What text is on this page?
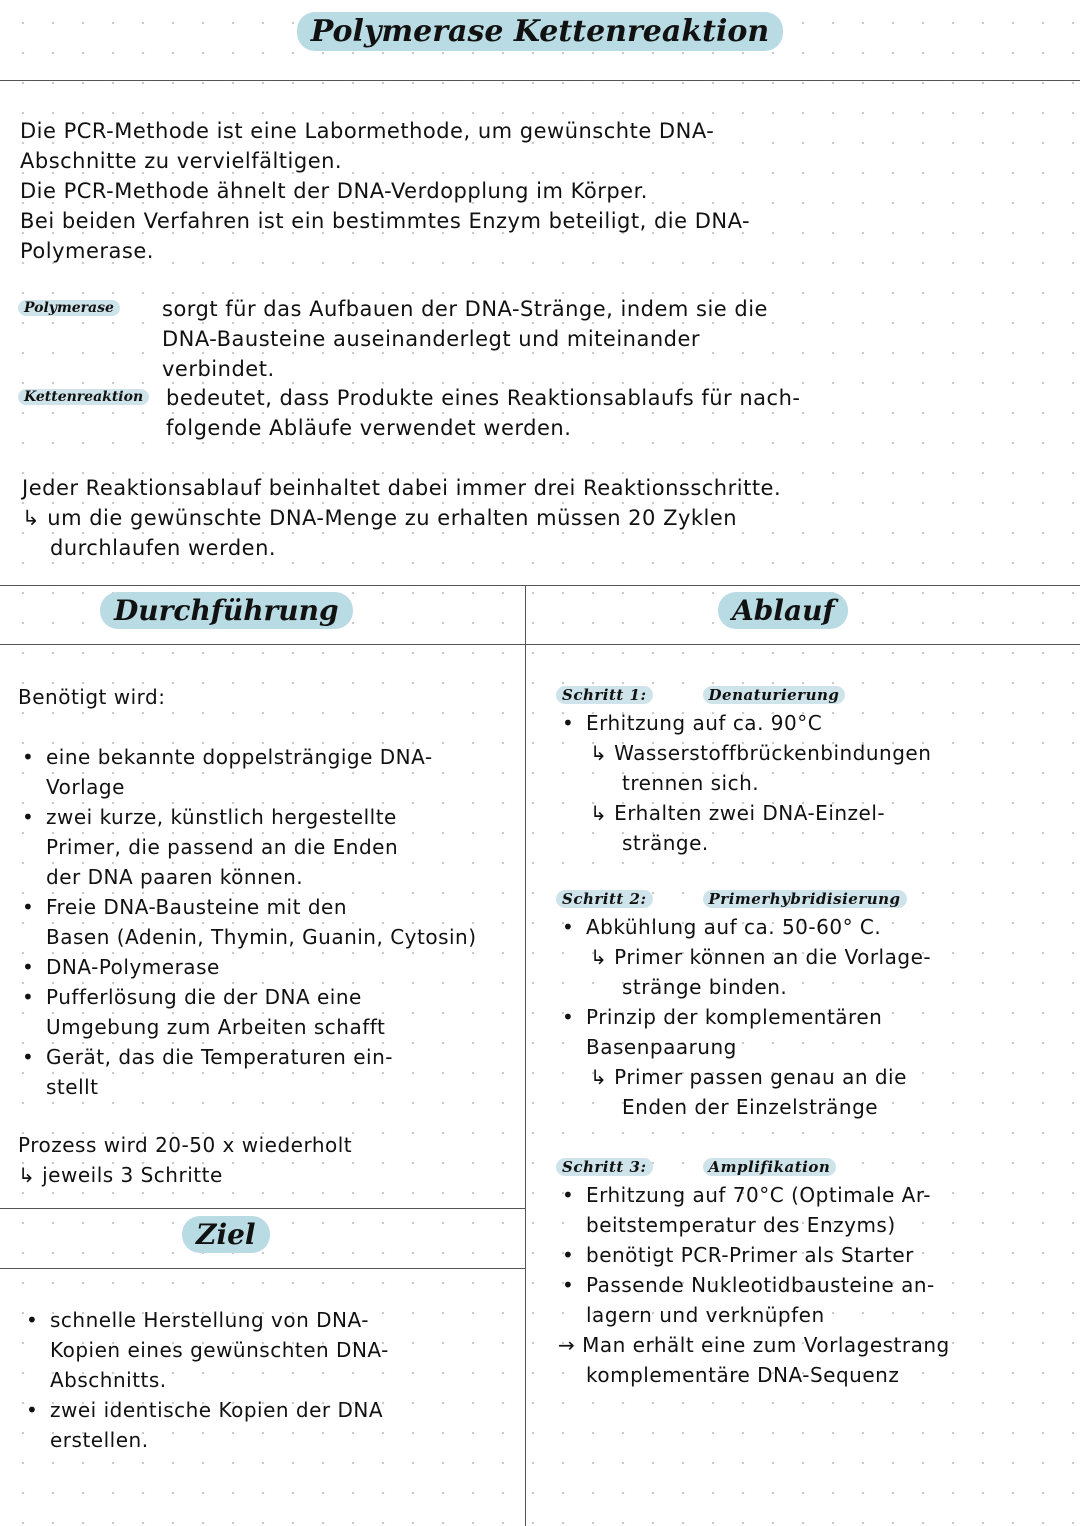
Polymerase Kettenreaktion
Die PCR-Methode ist eine Labormethode, um gewünschte DNA-
Abschnitte zu vervielfältigen.
Die PCR-Methode ähnelt der DNA-Verdopplung im Körper.
Bei beiden Verfahren ist ein bestimmtes Enzym beteiligt, die DNA-
Polymerase.
Polymerase sorgt für das Aufbauen der DNA-Stränge, indem sie die
DNA-Bausteine auseinanderlegt und miteinander
verbindet.
Kettenreaktion bedeutet, dass Produkte eines Reaktionsablaufs für nach-
folgende Abläufe verwendet werden.
Jeder Reaktionsablauf beinhaltet dabei immer drei Reaktionsschritte.
↳ um die gewünschte DNA-Menge zu erhalten müssen 20 Zyklen
durchlaufen werden.
Durchführung	Ablauf
Benötigt wird:
• eine bekannte doppelsträngige DNA-
Vorlage
• zwei kurze, künstlich hergestellte
Primer, die passend an die Enden
der DNA paaren können.
• Freie DNA-Bausteine mit den
Basen (Adenin, Thymin, Guanin, Cytosin)
• DNA-Polymerase
• Pufferlösung die der DNA eine
Umgebung zum Arbeiten schafft
• Gerät, das die Temperaturen ein-
stellt
Prozess wird 20-50 x wiederholt
↳ jeweils 3 Schritte
Ziel
• schnelle Herstellung von DNA-
Kopien eines gewünschten DNA-
Abschnitts.
• zwei identische Kopien der DNA
erstellen.
Schritt 1:	Denaturierung
• Erhitzung auf ca. 90°C
↳ Wasserstoffbrückenbindungen
trennen sich.
↳ Erhalten zwei DNA-Einzel-
stränge.
Schritt 2:	Primerhybridisierung
• Abkühlung auf ca. 50-60° C.
↳ Primer können an die Vorlage-
stränge binden.
• Prinzip der komplementären
Basenpaarung
↳ Primer passen genau an die
Enden der Einzelstränge
Schritt 3:	Amplifikation
• Erhitzung auf 70°C (Optimale Ar-
beitstemperatur des Enzyms)
• benötigt PCR-Primer als Starter
• Passende Nukleotidbausteine an-
lagern und verknüpfen
→ Man erhält eine zum Vorlagestrang
komplementäre DNA-Sequenz
